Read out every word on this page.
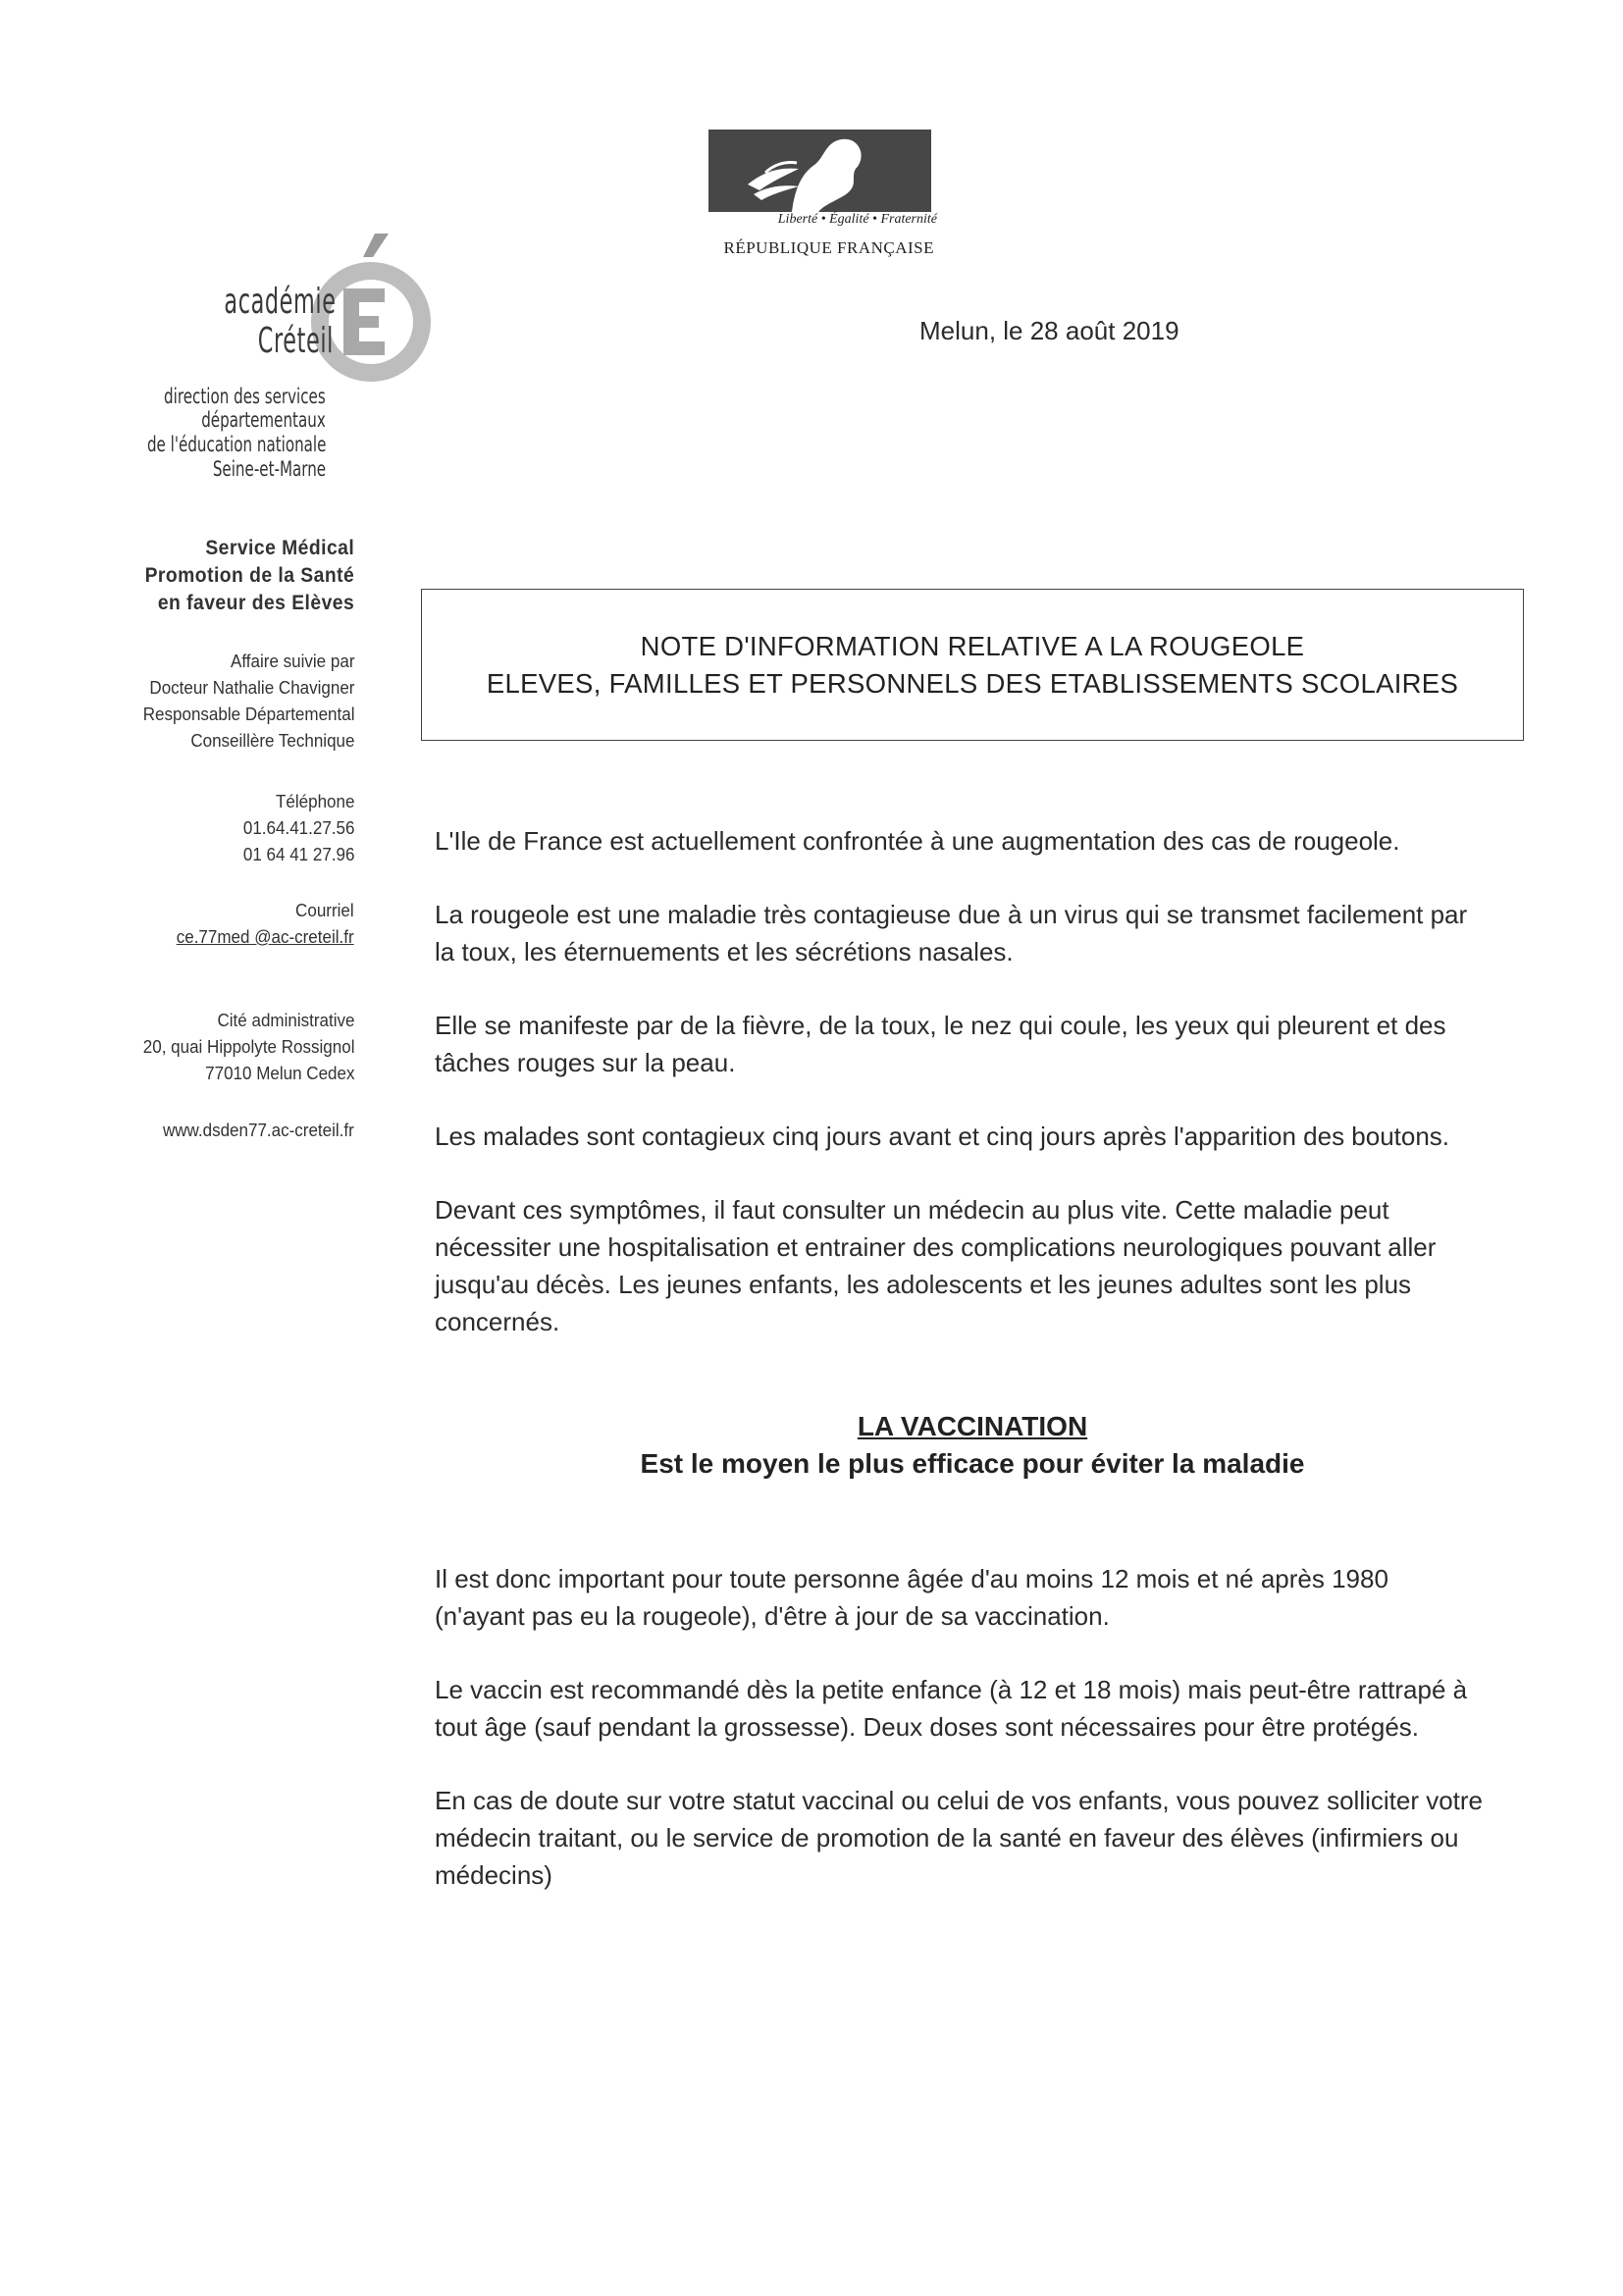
Liberté • Égalité • Fraternité
RÉPUBLIQUE FRANÇAISE
académie
Créteil
direction des services
départementaux
de l'éducation nationale
Seine-et-Marne
Service Médical
Promotion de la Santé
en faveur des Elèves
Affaire suivie par
Docteur Nathalie Chavigner
Responsable Départemental
Conseillère Technique
Téléphone
01.64.41.27.56
01 64 41 27.96
Courriel
ce.77med @ac-creteil.fr
Cité administrative
20, quai Hippolyte Rossignol
77010 Melun Cedex
www.dsden77.ac-creteil.fr
Melun, le 28 août 2019
NOTE D'INFORMATION RELATIVE A LA ROUGEOLE
ELEVES, FAMILLES ET PERSONNELS DES ETABLISSEMENTS SCOLAIRES
L'Ile de France est actuellement confrontée à une augmentation des cas de rougeole.
La rougeole est une maladie très contagieuse due à un virus qui se transmet facilement par
la toux, les éternuements et les sécrétions nasales.
Elle se manifeste par de la fièvre, de la toux, le nez qui coule, les yeux qui pleurent et des
tâches rouges sur la peau.
Les malades sont contagieux cinq jours avant et cinq jours après l'apparition des boutons.
Devant ces symptômes, il faut consulter un médecin au plus vite. Cette maladie peut
nécessiter une hospitalisation et entrainer des complications neurologiques pouvant aller
jusqu'au décès. Les jeunes enfants, les adolescents et les jeunes adultes sont les plus
concernés.
LA VACCINATION
Est le moyen le plus efficace pour éviter la maladie
Il est donc important pour toute personne âgée d'au moins 12 mois et né après 1980
(n'ayant pas eu la rougeole), d'être à jour de sa vaccination.
Le vaccin est recommandé dès la petite enfance (à 12 et 18 mois) mais peut-être rattrapé à
tout âge (sauf pendant la grossesse). Deux doses sont nécessaires pour être protégés.
En cas de doute sur votre statut vaccinal ou celui de vos enfants, vous pouvez solliciter votre
médecin traitant, ou le service de promotion de la santé en faveur des élèves (infirmiers ou
médecins)
